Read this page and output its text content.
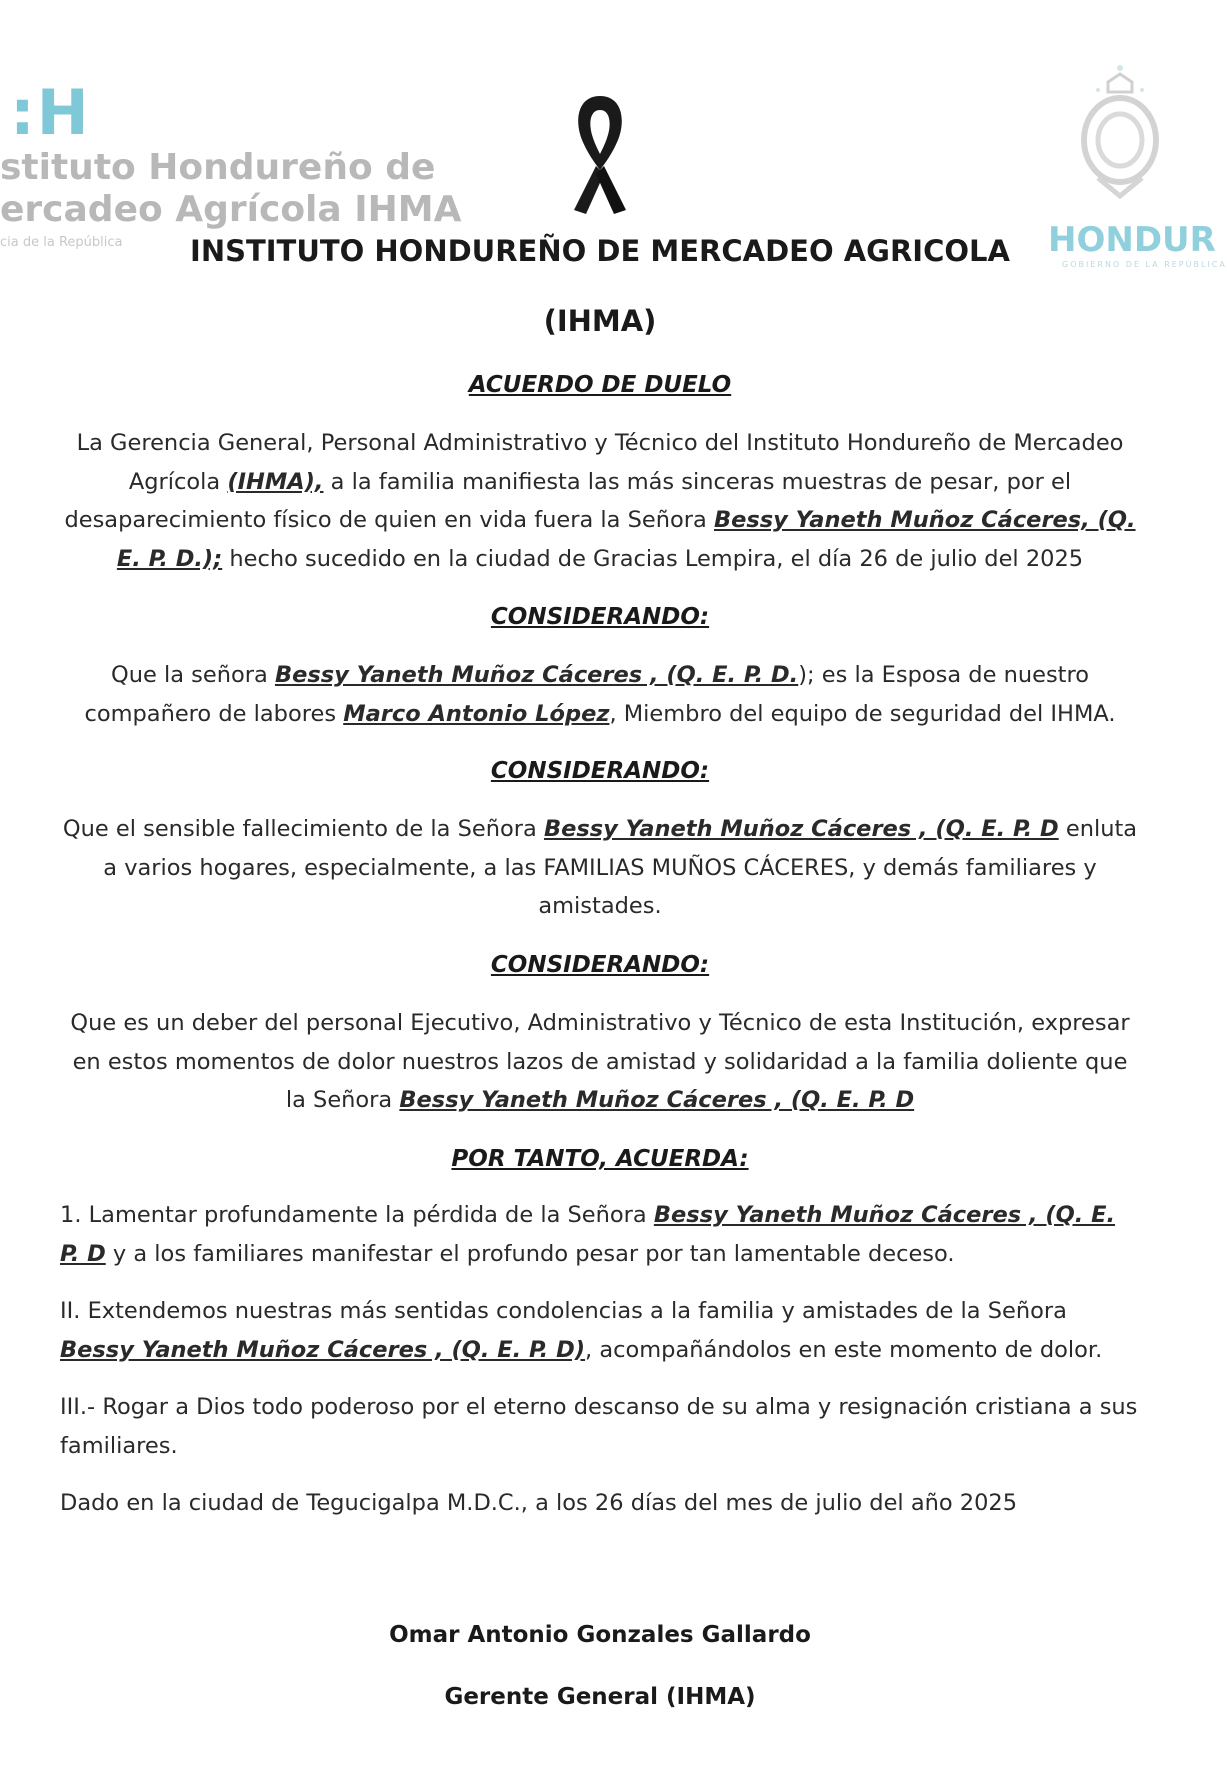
:H
stituto Hondureño de
ercadeo Agrícola IHMA
cia de la República	HONDUR
GOBIERNO DE LA REPÚBLICA
INSTITUTO HONDUREÑO DE MERCADEO AGRICOLA
(IHMA)
ACUERDO DE DUELO
La Gerencia General, Personal Administrativo y Técnico del Instituto Hondureño de Mercadeo Agrícola (IHMA), a la familia manifiesta las más sinceras muestras de pesar, por el desaparecimiento físico de quien en vida fuera la Señora Bessy Yaneth Muñoz Cáceres, (Q. E. P. D.); hecho sucedido en la ciudad de Gracias Lempira, el día 26 de julio del 2025
CONSIDERANDO:
Que la señora Bessy Yaneth Muñoz Cáceres , (Q. E. P. D.); es la Esposa de nuestro compañero de labores Marco Antonio López, Miembro del equipo de seguridad del IHMA.
CONSIDERANDO:
Que el sensible fallecimiento de la Señora Bessy Yaneth Muñoz Cáceres , (Q. E. P. D enluta a varios hogares, especialmente, a las FAMILIAS MUÑOS CÁCERES, y demás familiares y amistades.
CONSIDERANDO:
Que es un deber del personal Ejecutivo, Administrativo y Técnico de esta Institución, expresar en estos momentos de dolor nuestros lazos de amistad y solidaridad a la familia doliente que la Señora Bessy Yaneth Muñoz Cáceres , (Q. E. P. D
POR TANTO, ACUERDA:
1. Lamentar profundamente la pérdida de la Señora Bessy Yaneth Muñoz Cáceres , (Q. E. P. D y a los familiares manifestar el profundo pesar por tan lamentable deceso.
II. Extendemos nuestras más sentidas condolencias a la familia y amistades de la Señora Bessy Yaneth Muñoz Cáceres , (Q. E. P. D), acompañándolos en este momento de dolor.
III.- Rogar a Dios todo poderoso por el eterno descanso de su alma y resignación cristiana a sus familiares.
Dado en la ciudad de Tegucigalpa M.D.C., a los 26 días del mes de julio del año 2025
Omar Antonio Gonzales Gallardo
Gerente General (IHMA)
